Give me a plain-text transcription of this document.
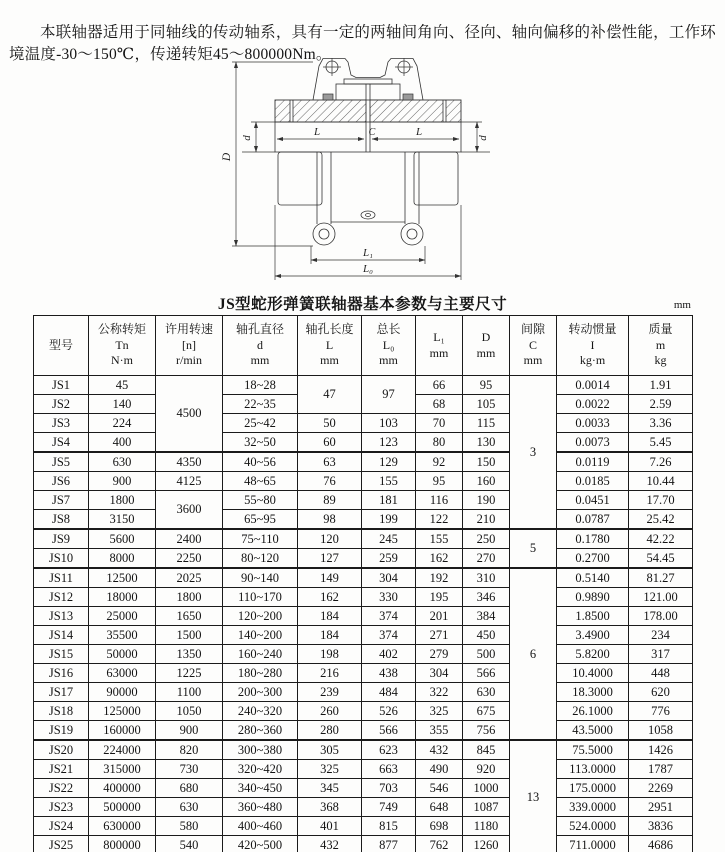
本联轴器适用于同轴线的传动轴系，具有一定的两轴间角向、径向、轴向偏移的补偿性能，工作环境温度-30～150℃，传递转矩45～800000Nm。

L	C	L
D
d	d
L₁
L₀
JS型蛇形弹簧联轴器基本参数与主要尺寸	mm
型号

公称转矩
Tn
N·m

许用转速
[n]
r/min

轴孔直径
d
mm

轴孔长度
L
mm

总长
L₀
mm

L₁
mm

D
mm

间隙
C
mm

转动惯量
I
kg·m

质量
m
kg

JS1	45	4500	18~28	47	97	66	95	3	0.0014	1.91
JS2	140		22~35			68	105		0.0022	2.59
JS3	224		25~42	50	103	70	115		0.0033	3.36
JS4	400		32~50	60	123	80	130		0.0073	5.45
JS5	630	4350	40~56	63	129	92	150		0.0119	7.26
JS6	900	4125	48~65	76	155	95	160		0.0185	10.44
JS7	1800	3600	55~80	89	181	116	190		0.0451	17.70
JS8	3150		65~95	98	199	122	210		0.0787	25.42
JS9	5600	2400	75~110	120	245	155	250	5	0.1780	42.22
JS10	8000	2250	80~120	127	259	162	270		0.2700	54.45
JS11	12500	2025	90~140	149	304	192	310	6	0.5140	81.27
JS12	18000	1800	110~170	162	330	195	346		0.9890	121.00
JS13	25000	1650	120~200	184	374	201	384		1.8500	178.00
JS14	35500	1500	140~200	184	374	271	450		3.4900	234
JS15	50000	1350	160~240	198	402	279	500		5.8200	317
JS16	63000	1225	180~280	216	438	304	566		10.4000	448
JS17	90000	1100	200~300	239	484	322	630		18.3000	620
JS18	125000	1050	240~320	260	526	325	675		26.1000	776
JS19	160000	900	280~360	280	566	355	756		43.5000	1058
JS20	224000	820	300~380	305	623	432	845	13	75.5000	1426
JS21	315000	730	320~420	325	663	490	920		113.0000	1787
JS22	400000	680	340~450	345	703	546	1000		175.0000	2269
JS23	500000	630	360~480	368	749	648	1087		339.0000	2951
JS24	630000	580	400~460	401	815	698	1180		524.0000	3836
JS25	800000	540	420~500	432	877	762	1260		711.0000	4686
